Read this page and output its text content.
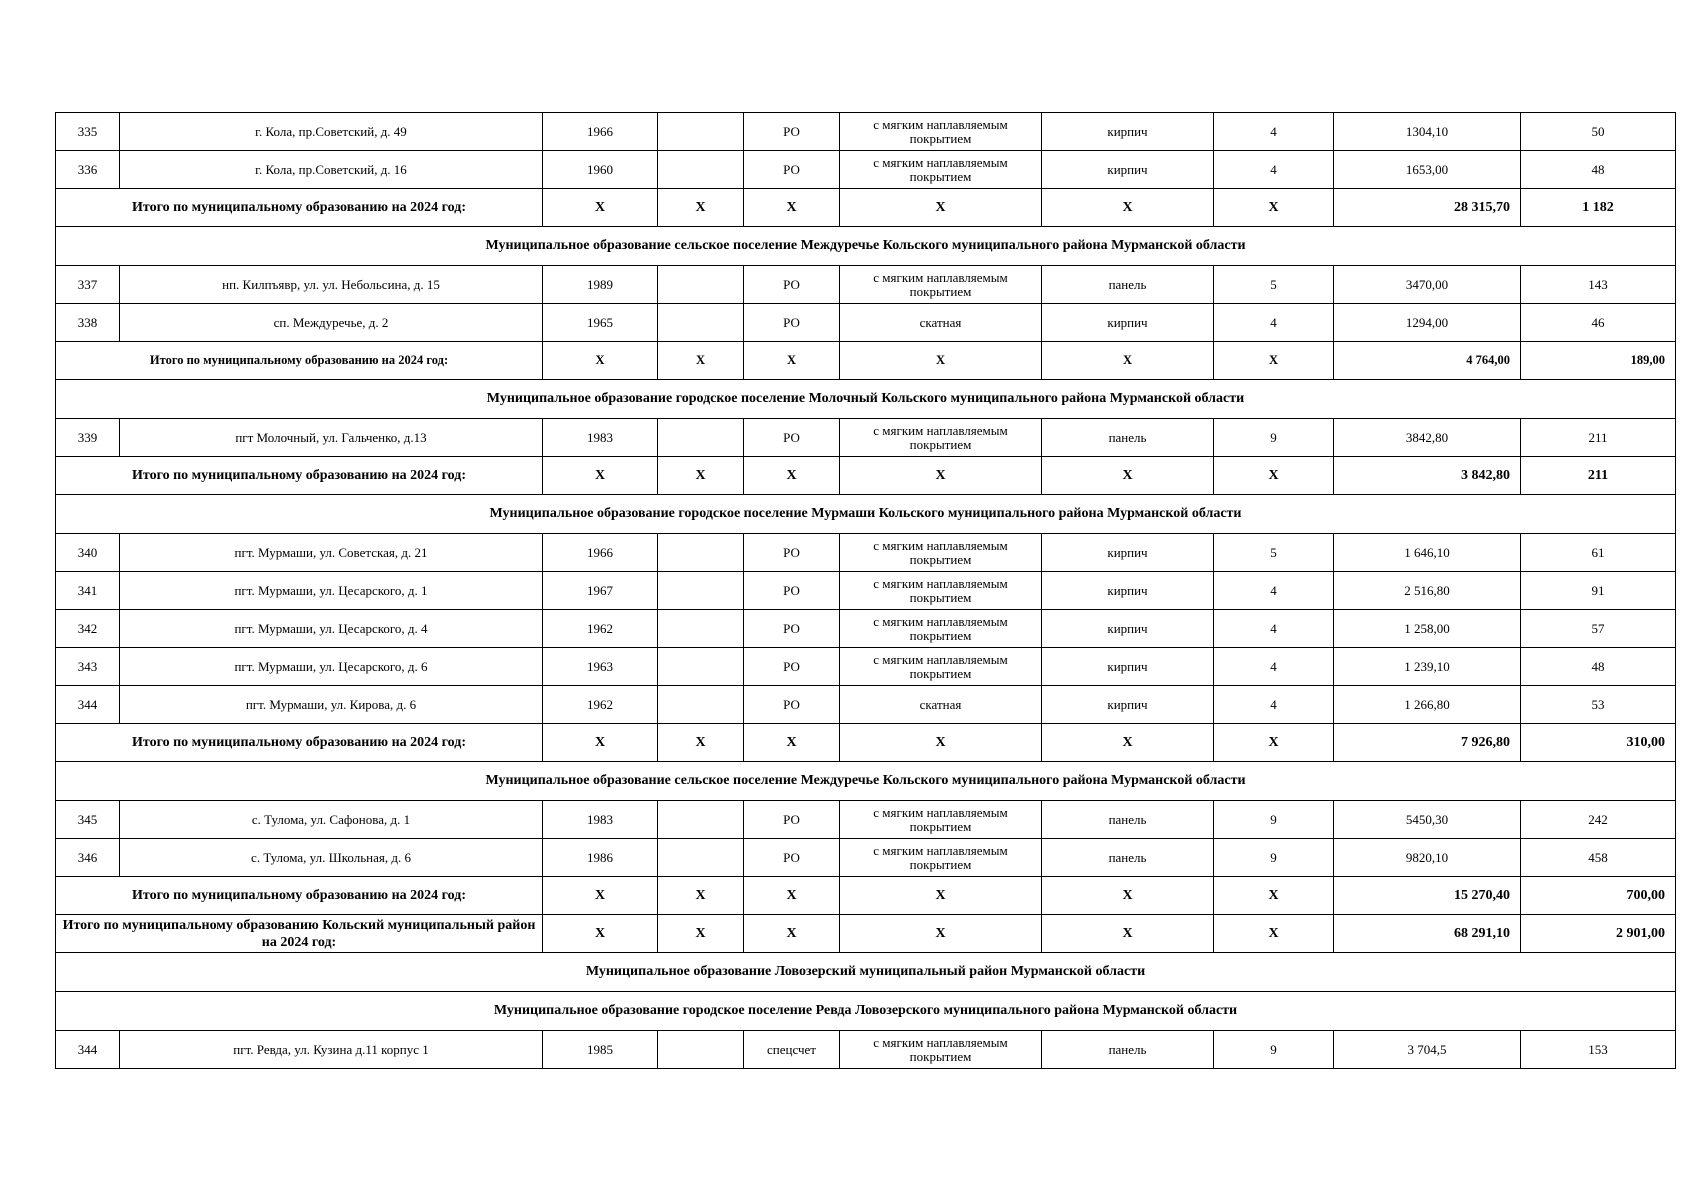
335	г. Кола, пр.Советский, д. 49	1966		РО	с мягким наплавляемым покрытием	кирпич	4	1304,10	50
336	г. Кола, пр.Советский, д. 16	1960		РО	с мягким наплавляемым покрытием	кирпич	4	1653,00	48
Итого по муниципальному образованию на 2024 год:		Х	Х	Х	Х	Х	Х	28 315,70	1 182
Муниципальное образование сельское поселение Междуречье Кольского муниципального района Мурманской области									
337	нп. Килпъявр, ул. ул. Небольсина, д. 15	1989		РО	с мягким наплавляемым покрытием	панель	5	3470,00	143
338	сп. Междуречье, д. 2	1965		РО	скатная	кирпич	4	1294,00	46
Итого по муниципальному образованию на 2024 год:		Х	Х	Х	Х	Х	Х	4 764,00	189,00
Муниципальное образование городское поселение Молочный Кольского муниципального района Мурманской области									
339	пгт Молочный, ул. Гальченко, д.13	1983		РО	с мягким наплавляемым покрытием	панель	9	3842,80	211
Итого по муниципальному образованию на 2024 год:		Х	Х	Х	Х	Х	Х	3 842,80	211
Муниципальное образование городское поселение Мурмаши Кольского муниципального района Мурманской области									
340	пгт. Мурмаши, ул. Советская, д. 21	1966		РО	с мягким наплавляемым покрытием	кирпич	5	1 646,10	61
341	пгт. Мурмаши, ул. Цесарского, д. 1	1967		РО	с мягким наплавляемым покрытием	кирпич	4	2 516,80	91
342	пгт. Мурмаши, ул. Цесарского, д. 4	1962		РО	с мягким наплавляемым покрытием	кирпич	4	1 258,00	57
343	пгт. Мурмаши, ул. Цесарского, д. 6	1963		РО	с мягким наплавляемым покрытием	кирпич	4	1 239,10	48
344	пгт. Мурмаши, ул. Кирова, д. 6	1962		РО	скатная	кирпич	4	1 266,80	53
Итого по муниципальному образованию на 2024 год:		Х	Х	Х	Х	Х	Х	7 926,80	310,00
Муниципальное образование сельское поселение Междуречье Кольского муниципального района Мурманской области									
345	с. Тулома, ул. Сафонова, д. 1	1983		РО	с мягким наплавляемым покрытием	панель	9	5450,30	242
346	с. Тулома, ул. Школьная, д. 6	1986		РО	с мягким наплавляемым покрытием	панель	9	9820,10	458
Итого по муниципальному образованию на 2024 год:		Х	Х	Х	Х	Х	Х	15 270,40	700,00
Итого по муниципальному образованию Кольский муниципальный район на 2024 год:		Х	Х	Х	Х	Х	Х	68 291,10	2 901,00
Муниципальное образование Ловозерский муниципальный район Мурманской области									
Муниципальное образование городское поселение Ревда Ловозерского муниципального района Мурманской области									
344	пгт. Ревда, ул. Кузина д.11 корпус 1	1985		спецсчет	с мягким наплавляемым покрытием	панель	9	3 704,5	153
